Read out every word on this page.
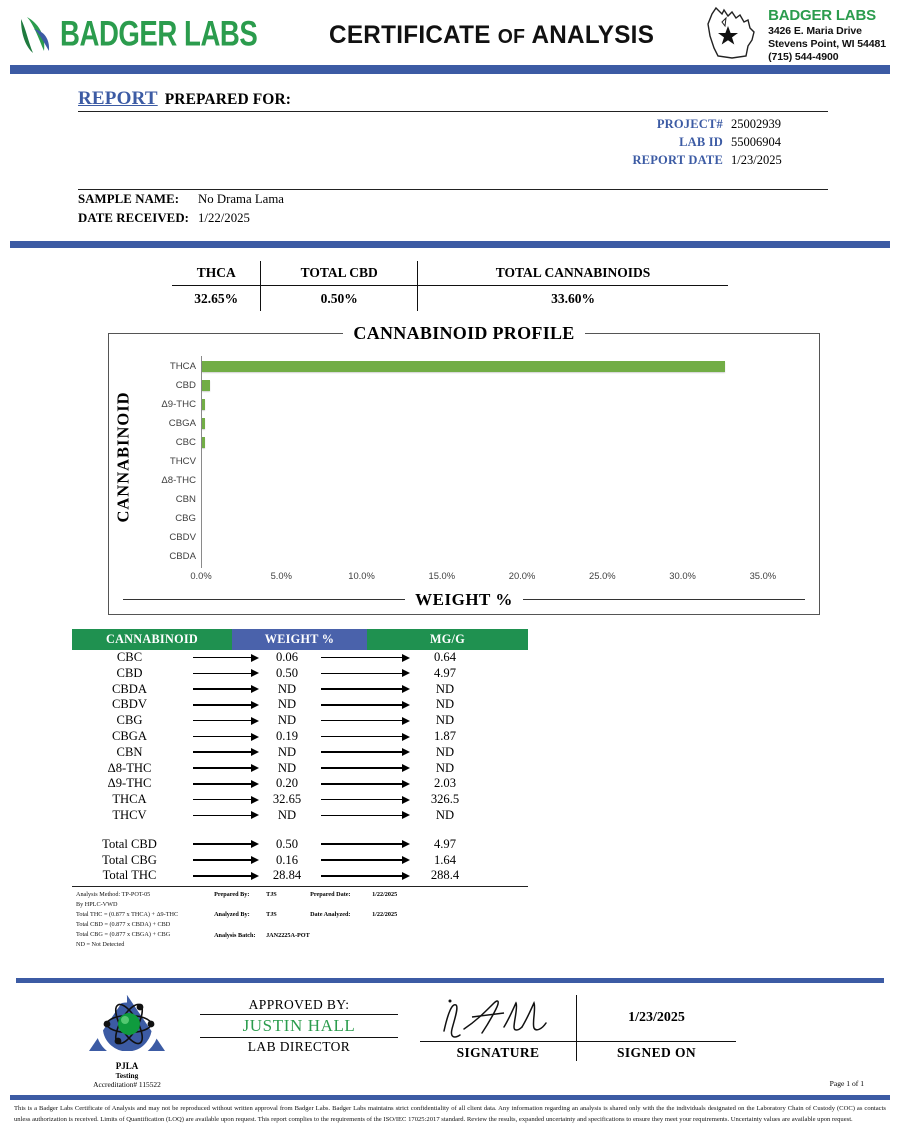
BADGER LABS	CERTIFICATE OF ANALYSIS
BADGER LABS
3426 E. Maria Drive
Stevens Point, WI 54481
(715) 544-4900
REPORT PREPARED FOR:
PROJECT# 25002939
LAB ID 55006904
REPORT DATE 1/23/2025
SAMPLE NAME:	No Drama Lama
DATE RECEIVED: 1/22/2025
	THCA	TOTAL CBD	TOTAL CANNABINOIDS	
	32.65%	0.50%	33.60%	
CANNABINOID PROFILE
CANNABINOID
THCA
CBD
Δ9-THC
CBGA
CBC
THCV
Δ8-THC
CBN
CBG
CBDV
CBDA
0.0%	5.0%	10.0%	15.0%	20.0%	25.0%	30.0%	35.0%
WEIGHT %
CANNABINOID	WEIGHT %	MG/G
CBC	0.06	0.64
CBD	0.50	4.97
CBDA	ND	ND
CBDV	ND	ND
CBG	ND	ND
CBGA	0.19	1.87
CBN	ND	ND
Δ8-THC	ND	ND
Δ9-THC	0.20	2.03
THCA	32.65	326.5
THCV	ND	ND
Total CBD	0.50	4.97
Total CBG	0.16	1.64
Total THC	28.84	288.4
Analysis Method: TP-POT-05
By HPLC-VWD
Total THC = (0.877 x THCA) + Δ9-THC
Total CBD = (0.877 x CBDA) + CBD
Total CBG = (0.877 x CBGA) + CBG
ND = Not Detected
Prepared By:	TJS	Prepared Date:	1/22/2025
Analyzed By:	TJS	Date Analyzed:	1/22/2025
Analysis Batch:	JAN2225A-POT
PJLA
Testing
Accreditation# 115522
APPROVED BY:
JUSTIN HALL
LAB DIRECTOR	SIGNATURE
1/23/2025
SIGNED ON
Page 1 of 1
This is a Badger Labs Certificate of Analysis and may not be reproduced without written approval from Badger Labs. Badger Labs maintains strict confidentiality of all client data. Any information regarding an analysis is shared only with the the individuals designated on the Laboratory Chain of Custody (COC) as contacts unless authorization is received. Limits of Quantification (LOQ) are available upon request. This report complies to the requirements of the ISO/IEC 17025:2017 standard. Review the results, expanded uncertainty and specifications to ensure they meet your requirements. Uncertainty values are available upon request.
